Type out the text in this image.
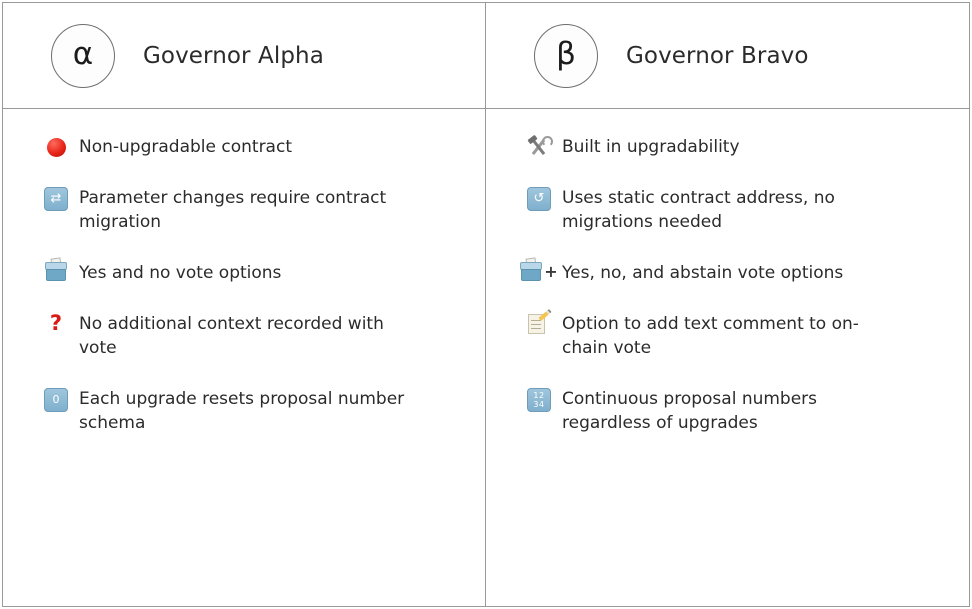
α Governor Alpha	β Governor Bravo
Non-upgradable contract
⇄ Parameter changes require contract migration
Yes and no vote options
? No additional context recorded with vote
0 Each upgrade resets proposal number schema
Built in upgradability
↺ Uses static contract address, no migrations needed
+ Yes, no, and abstain vote options
Option to add text comment to on-chain vote
12
34 Continuous proposal numbers regardless of upgrades
